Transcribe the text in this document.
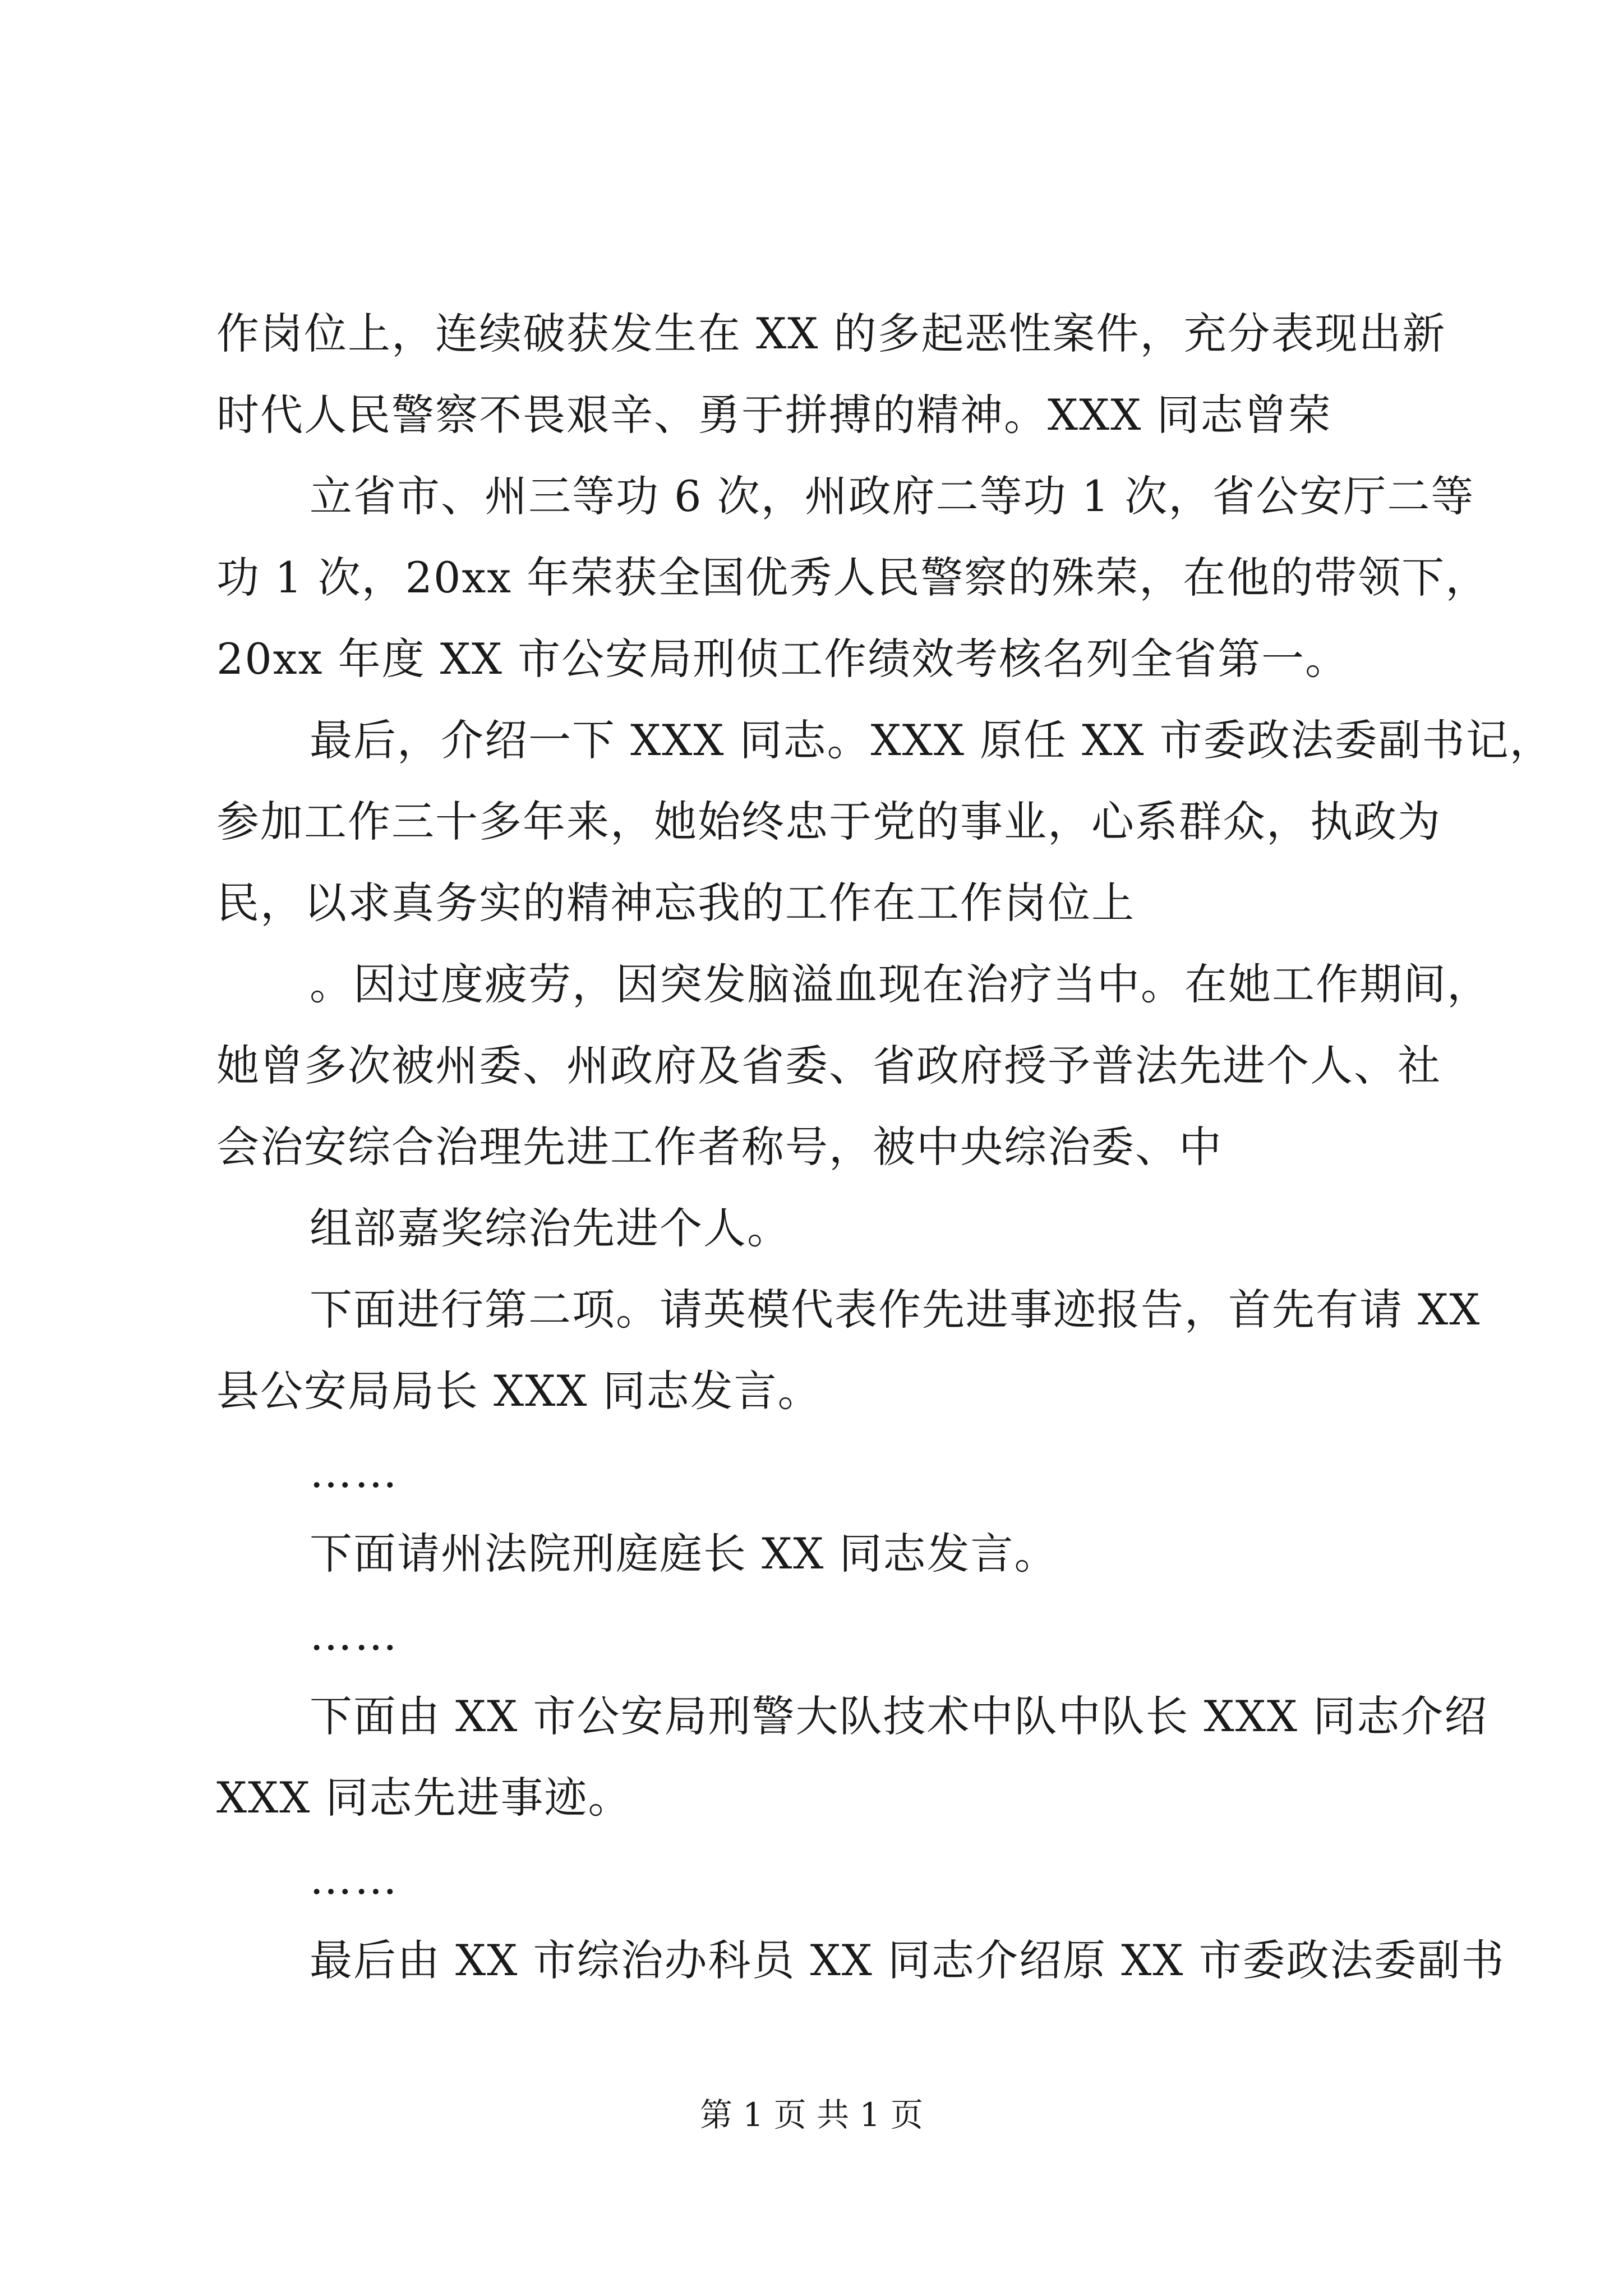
作岗位上，连续破获发生在 XX 的多起恶性案件，充分表现出新
时代人民警察不畏艰辛、勇于拼搏的精神。XXX 同志曾荣
立省市、州三等功 6 次，州政府二等功 1 次，省公安厅二等
功 1 次，20xx 年荣获全国优秀人民警察的殊荣，在他的带领下，
20xx 年度 XX 市公安局刑侦工作绩效考核名列全省第一。
最后，介绍一下 XXX 同志。XXX 原任 XX 市委政法委副书记，
参加工作三十多年来，她始终忠于党的事业，心系群众，执政为
民，以求真务实的精神忘我的工作在工作岗位上
。因过度疲劳，因突发脑溢血现在治疗当中。在她工作期间，
她曾多次被州委、州政府及省委、省政府授予普法先进个人、社
会治安综合治理先进工作者称号，被中央综治委、中
组部嘉奖综治先进个人。
下面进行第二项。请英模代表作先进事迹报告，首先有请 XX
县公安局局长 XXX 同志发言。
……
下面请州法院刑庭庭长 XX 同志发言。
……
下面由 XX 市公安局刑警大队技术中队中队长 XXX 同志介绍
XXX 同志先进事迹。
……
最后由 XX 市综治办科员 XX 同志介绍原 XX 市委政法委副书
第 1 页 共 1 页
